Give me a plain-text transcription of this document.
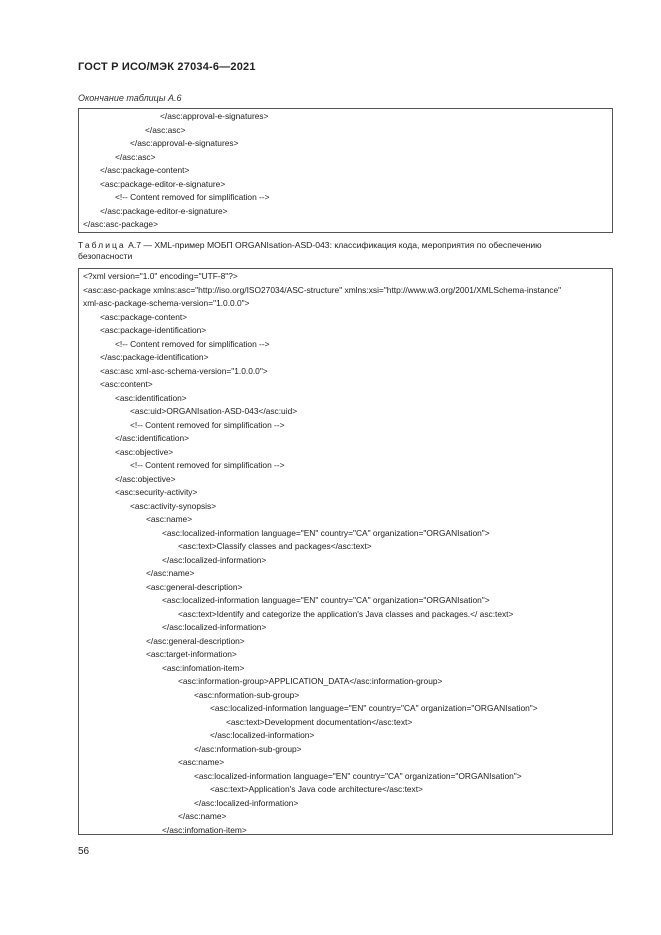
ГОСТ Р ИСО/МЭК 27034-6—2021
Окончание таблицы А.6
</asc:approval-e-signatures>
</asc:asc>
</asc:approval-e-signatures>
</asc:asc>
</asc:package-content>
<asc:package-editor-e-signature>
<!-- Content removed for simplification -->
</asc:package-editor-e-signature>
</asc:asc-package>
Таблица А.7 — XML-пример МОБП ORGANIsation-ASD-043: классификация кода, мероприятия по обеспечению
безопасности
<?xml version="1.0" encoding="UTF-8"?>
<asc:asc-package xmlns:asc="http://iso.org/ISO27034/ASC-structure" xmlns:xsi="http://www.w3.org/2001/XMLSchema-instance"
xml-asc-package-schema-version="1.0.0.0">
<asc:package-content>
<asc:package-identification>
<!-- Content removed for simplification -->
</asc:package-identification>
<asc:asc xml-asc-schema-version="1.0.0.0">
<asc:content>
<asc:identification>
<asc:uid>ORGANIsation-ASD-043</asc:uid>
<!-- Content removed for simplification -->
</asc:identification>
<asc:objective>
<!-- Content removed for simplification -->
</asc:objective>
<asc:security-activity>
<asc:activity-synopsis>
<asc:name>
<asc:localized-information language="EN" country="CA" organization="ORGANIsation">
<asc:text>Classify classes and packages</asc:text>
</asc:localized-information>
</asc:name>
<asc:general-description>
<asc:localized-information language="EN" country="CA" organization="ORGANIsation">
<asc:text>Identify and categorize the application's Java classes and packages.</ asc:text>
</asc:localized-information>
</asc:general-description>
<asc:target-information>
<asc:infomation-item>
<asc:information-group>APPLICATION_DATA</asc:information-group>
<asc:nformation-sub-group>
<asc:localized-information language="EN" country="CA" organization="ORGANIsation">
<asc:text>Development documentation</asc:text>
</asc:localized-information>
</asc:nformation-sub-group>
<asc:name>
<asc:localized-information language="EN" country="CA" organization="ORGANIsation">
<asc:text>Application's Java code architecture</asc:text>
</asc:localized-information>
</asc:name>
</asc:infomation-item>
56
